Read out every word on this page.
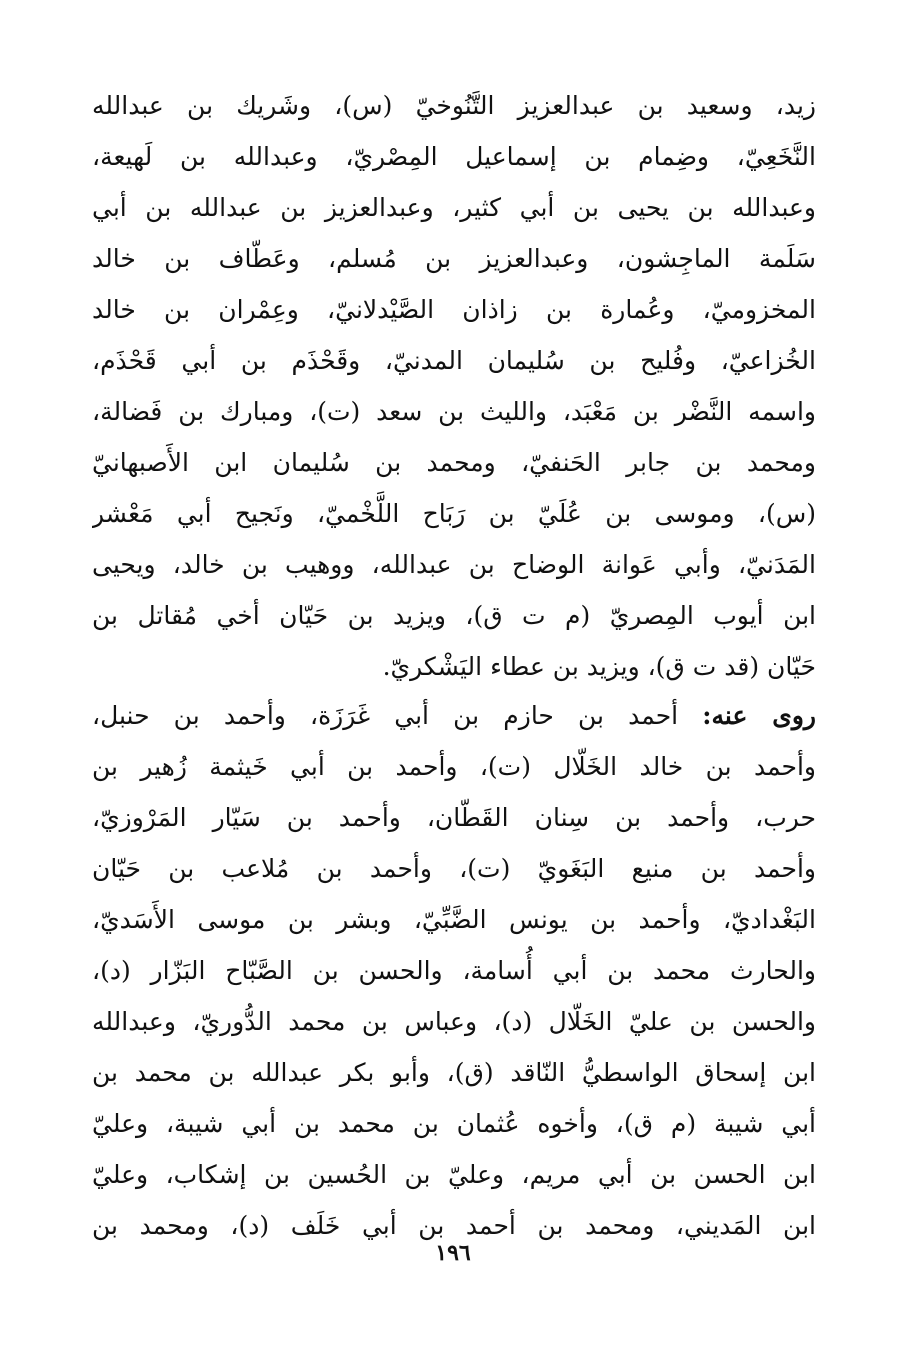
زيد، وسعيد بن عبدالعزيز التَّنُوخيّ (س)، وشَريك بن عبدالله
النَّخَعِيّ، وضِمام بن إسماعيل المِصْريّ، وعبدالله بن لَهيعة،
وعبدالله بن يحيى بن أبي كثير، وعبدالعزيز بن عبدالله بن أبي
سَلَمة الماجِشون، وعبدالعزيز بن مُسلم، وعَطّاف بن خالد
المخزوميّ، وعُمارة بن زاذان الصَّيْدلانيّ، وعِمْران بن خالد
الخُزاعيّ، وفُليح بن سُليمان المدنيّ، وقَحْذَم بن أبي قَحْذَم،
واسمه النَّضْر بن مَعْبَد، والليث بن سعد (ت)، ومبارك بن فَضالة،
ومحمد بن جابر الحَنفيّ، ومحمد بن سُليمان ابن الأَصبهانيّ
(س)، وموسى بن عُلَيّ بن رَبَاح اللَّخْميّ، ونَجيح أبي مَعْشر
المَدَنيّ، وأبي عَوانة الوضاح بن عبدالله، ووهيب بن خالد، ويحيى
ابن أيوب المِصريّ (م ت ق)، ويزيد بن حَيّان أخي مُقاتل بن
حَيّان (قد ت ق)، ويزيد بن عطاء اليَشْكريّ.
روى عنه: أحمد بن حازم بن أبي غَرَزَة، وأحمد بن حنبل،
وأحمد بن خالد الخَلّال (ت)، وأحمد بن أبي خَيثمة زُهير بن
حرب، وأحمد بن سِنان القَطّان، وأحمد بن سَيّار المَرْوزيّ،
وأحمد بن منيع البَغَويّ (ت)، وأحمد بن مُلاعب بن حَيّان
البَغْداديّ، وأحمد بن يونس الضَّبِّيّ، وبشر بن موسى الأَسَديّ،
والحارث محمد بن أبي أُسامة، والحسن بن الصَّبّاح البَزّار (د)،
والحسن بن عليّ الخَلّال (د)، وعباس بن محمد الدُّوريّ، وعبدالله
ابن إسحاق الواسطيُّ النّاقد (ق)، وأبو بكر عبدالله بن محمد بن
أبي شيبة (م ق)، وأخوه عُثمان بن محمد بن أبي شيبة، وعليّ
ابن الحسن بن أبي مريم، وعليّ بن الحُسين بن إشكاب، وعليّ
ابن المَديني، ومحمد بن أحمد بن أبي خَلَف (د)، ومحمد بن
١٩٦
